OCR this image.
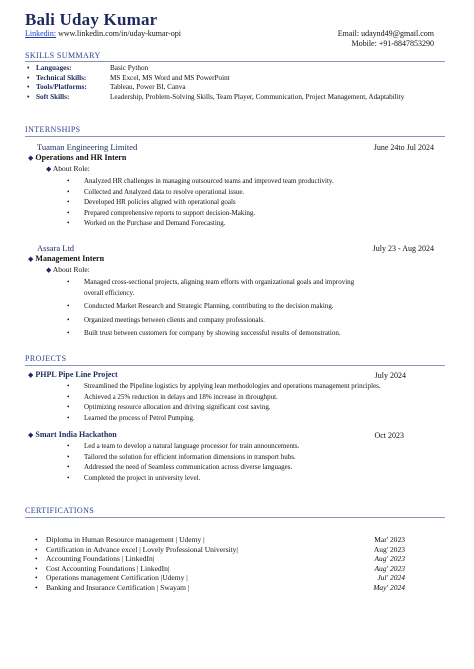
Bali Uday Kumar
Linkedin: www.linkedin.com/in/uday-kumar-opi	Email: udaynd49@gmail.com
Mobile: +91-8847853290
SKILLS SUMMARY
• Languages:	Basic Python
• Technical Skills:	MS Excel, MS Word and MS PowerPoint
• Tools/Platforms:	Tableau, Power BI, Canva
• Soft Skills:	Leadership, Problem-Solving Skills, Team Player, Communication, Project Management, Adaptability
INTERNSHIPS
Tuaman Engineering Limited	June 24to Jul 2024
◆ Operations and HR Intern
◆ About Role:
• Analyzed HR challenges in managing outsourced teams and improved team productivity.
• Collected and Analyzed data to resolve operational issue.
• Developed HR policies aligned with operational goals
• Prepared comprehensive reports to support decision-Making.
• Worked on the Purchase and Demand Forecasting.
Assara Ltd	July 23 - Aug 2024
◆ Management Intern
◆ About Role:
• Managed cross-sectional projects, aligning team efforts with organizational goals and improving
overall efficiency.
• Conducted Market Research and Strategic Planning, contributing to the decision making.
• Organized meetings between clients and company professionals.
• Built trust between customers for company by showing successful results of demonstration.
PROJECTS
◆ PHPL Pipe Line Project	July 2024
• Streamlined the Pipeline logistics by applying lean methodologies and operations management principles.
• Achieved a 25% reduction in delays and 18% increase in throughput.
• Optimizing resource allocation and driving significant cost saving.
• Learned the process of Petrol Pumping.
◆ Smart India Hackathon	Oct 2023
• Led a team to develop a natural language processor for train announcements.
• Tailored the solution for efficient information dimensions in transport hubs.
• Addressed the need of Seamless communication across diverse languages.
• Completed the project in university level.
CERTIFICATIONS
• Diploma in Human Resource management | Udemy |	Mar' 2023
• Certification in Advance excel | Lovely Professional University|	Aug' 2023
• Accounting Foundations | LinkedIn|	Aug' 2023
• Cost Accounting Foundations | LinkedIn|	Aug' 2023
• Operations management Certification |Udemy |	Jul' 2024
• Banking and Insurance Certification | Swayam |	May' 2024
